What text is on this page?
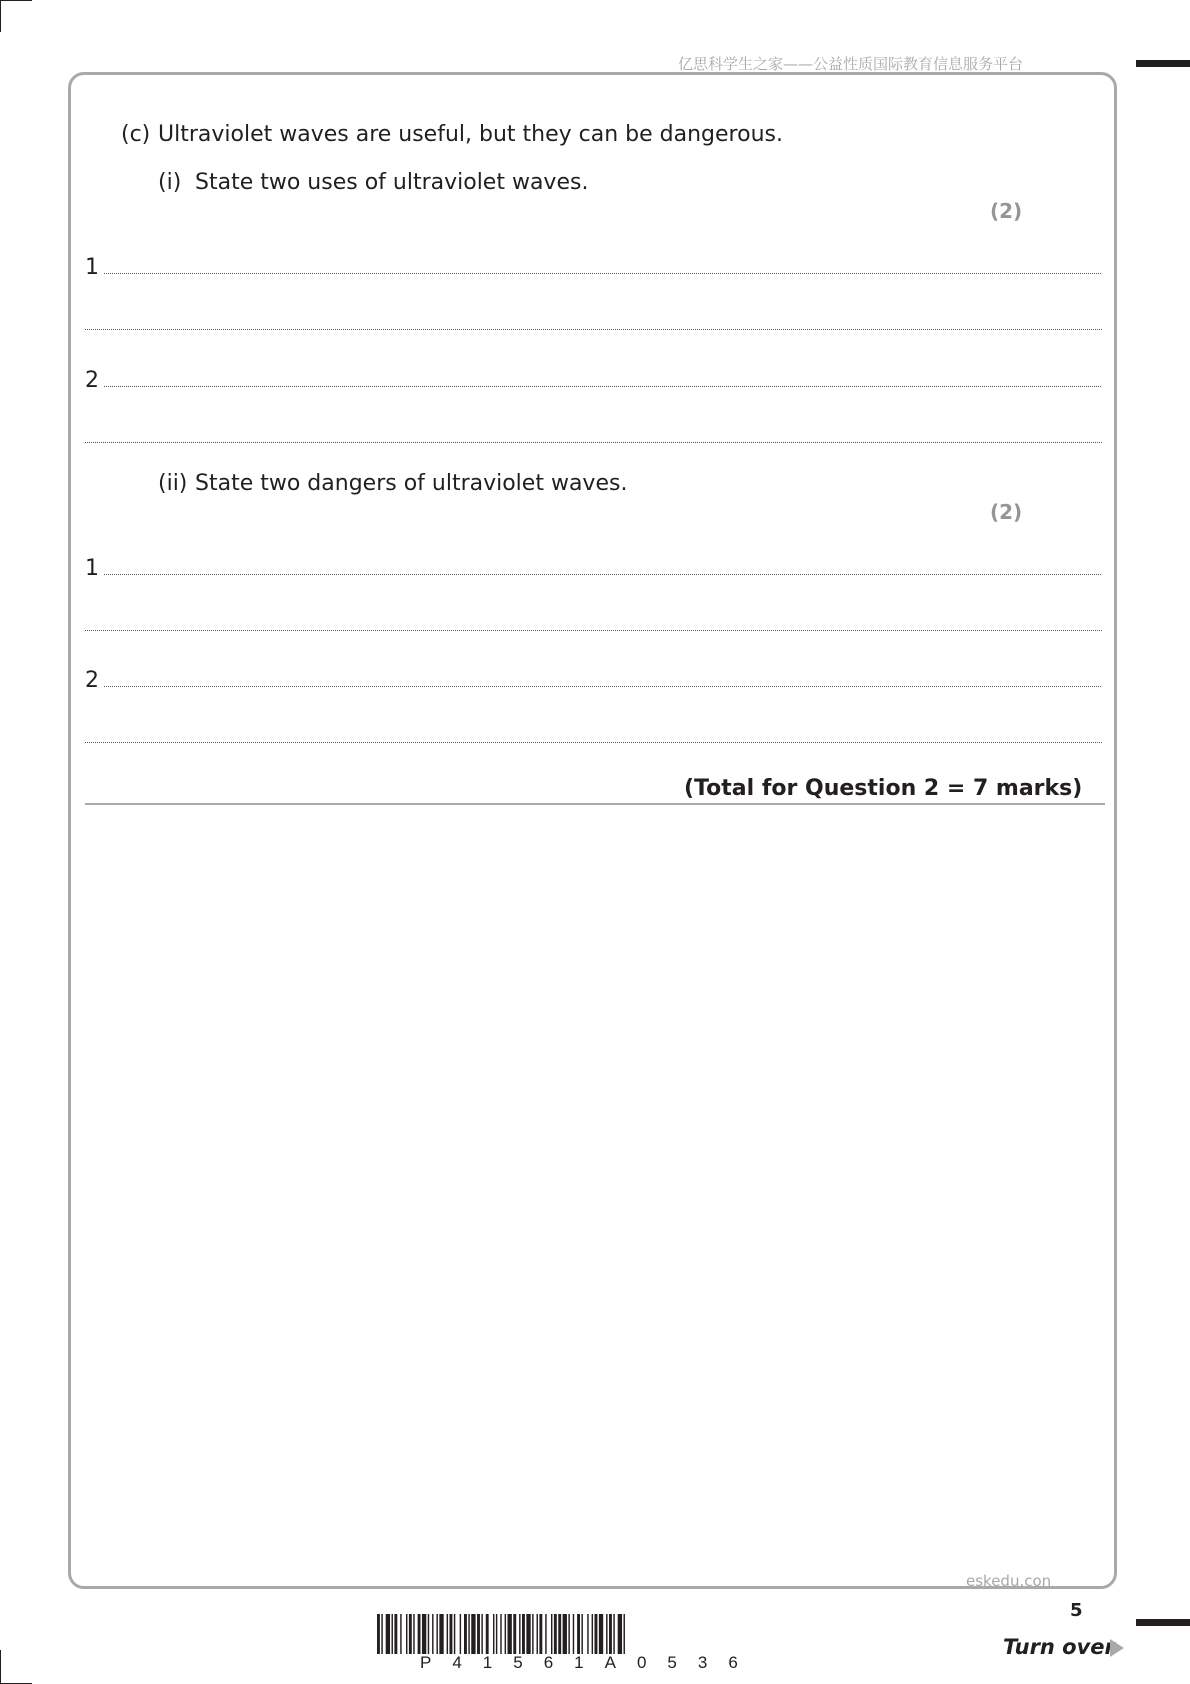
亿思科学生之家——公益性质国际教育信息服务平台
(c) Ultraviolet waves are useful, but they can be dangerous.
(i) State two uses of ultraviolet waves.
(2)
1
2
(ii) State two dangers of ultraviolet waves.
(2)
1
2
(Total for Question 2 = 7 marks)
eskedu.con
5
Turn over
P41561A0536
